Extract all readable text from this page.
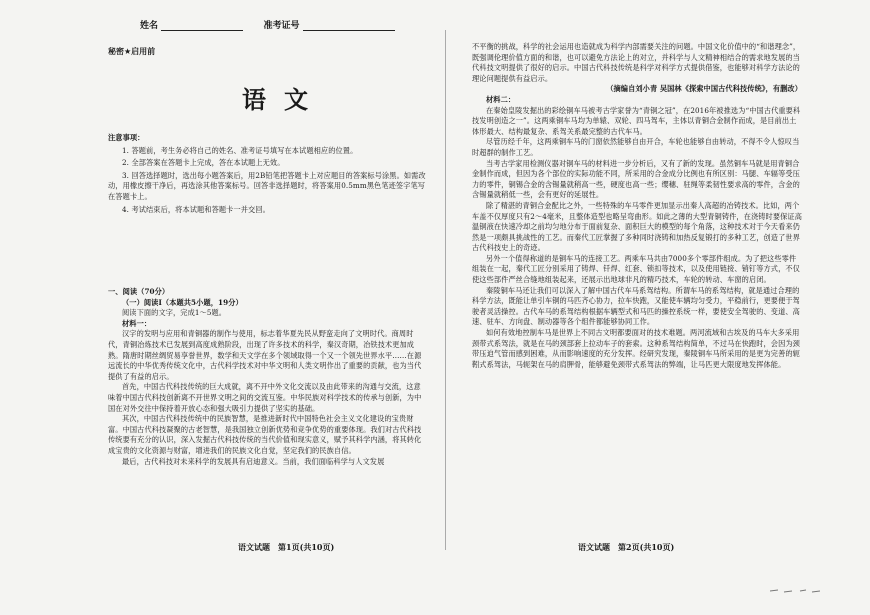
姓名	准考证号
秘密★启用前
语文

注意事项：

1. 答题前，考生务必将自己的姓名、准考证号填写在本试题相应的位置。

2. 全部答案在答题卡上完成，答在本试题上无效。

3. 回答选择题时，选出每小题答案后，用2B铅笔把答题卡上对应题目的答案标号涂黑。如需改动，用橡皮擦干净后，再选涂其他答案标号。回答非选择题时，将答案用0.5mm黑色笔迹签字笔写在答题卡上。

4. 考试结束后，将本试题和答题卡一并交回。

一、阅读（70分）

（一）阅读Ⅰ（本题共5小题，19分）

阅读下面的文字，完成1～5题。

材料一：

汉字的发明与应用和青铜器的制作与使用，标志着华夏先民从野蛮走向了文明时代。商周时代，青铜冶炼技术已发展到高度成熟阶段，出现了许多技术的科学，秦汉奇期，冶铁技术更加成熟。隋唐时期丝绸贸易享誉世界，数学和天文学在多个领域取得一个又一个领先世界水平……在源远流长的中华优秀传统文化中，古代科学技术对中华文明和人类文明作出了重要的贡献，也为当代提供了有益的启示。

首先，中国古代科技传统的巨大成就，离不开中外文化交流以及由此带来的沟通与交流，这意味着中国古代科技创新离不开世界文明之间的交流互鉴。中华民族对科学技术的传承与创新，为中国在对外交往中保持着开放心态和强大吸引力提供了坚实的基础。

其次，中国古代科技传统中的民族智慧，是推进新时代中国特色社会主义文化建设的宝贵财富。中国古代科技凝聚的古老智慧，是我国独立创新优势和竞争优势的重要体现。我们对古代科技传统要有充分的认识，深入发掘古代科技传统的当代价值和现实意义，赋予其科学内涵，将其转化成宝贵的文化资源与财富，增进我们的民族文化自觉，坚定我们的民族自信。

最后，古代科技对未来科学的发展具有启迪意义。当前，我们面临科学与人文发展

语文试题　第1页(共10页)

不平衡的挑战，科学的社会运用也造就成为科学内部需要关注的问题。中国文化价值中的“和谐理念”，既强调伦理价值方面的和谐，也可以避免方法论上的对立，并科学与人文精神相结合的需求地发展的当代科技文明提供了很好的启示。中国古代科技传统是科学对科学方式提供借鉴，也能够对科学方法论的理论问题提供有益启示。

（摘编自刘小青 吴国林《探索中国古代科技传统》，有删改）

材料二：

在秦始皇陵发掘出的彩绘铜车马被考古学家誉为“青铜之冠”，在2016年被推选为“中国古代重要科技发明创造之一”。这两乘铜车马均为单辕、双轮、四马驾车，主体以青铜合金制作而成，是目前出土体形最大、结构最复杂、系驾关系最完整的古代车马。

尽管历经千年，这两乘铜车马的门窗依然能够自由开合，车轮也能够自由转动，不得不令人惊叹当时超群的制作工艺。

当考古学家用检测仪器对铜车马的材料进一步分析后，又有了新的发现。虽然铜车马就是用青铜合金制作而成，但因为各个部位的实际功能不同，所采用的合金成分比例也有所区别：马腿、车辐等受压力的零件，铜锡合金的含锡量就稍高一些，硬度也高一些；缨穗、驻绳等柔韧性要求高的零件，含金的含锡量就稍低一些，会有更好的延展性。

除了精湛的青铜合金配比之外，一些特殊的车马零件更加显示出秦人高超的冶铸技术。比如，两个车盖不仅厚度只有2～4毫米，且整体造型也略呈弯曲形。如此之薄的大型青铜铸件，在浇铸时要保证高温铜液在快速冷却之前均匀地分布于面前复杂、面积巨大的模型的每个角落，这种技术对于今天看来仍然是一项颇具挑战性的工艺。而秦代工匠掌握了多种同时浇铸和加热反复锻打的多种工艺，创造了世界古代科技史上的奇迹。

另外一个值得称道的是铜车马的连接工艺。两乘车马共由7000多个零部件组成。为了把这些零件组装在一起，秦代工匠分别采用了铸焊、钎焊、红套、锁扣等技术，以及使用链接、销钉等方式，不仅使这些部件严丝合缝地组装起来，还展示出地球非凡的精巧技术，车轮的转动、车窗的启闭。

秦陵铜车马还让我们可以深入了解中国古代车马系驾结构。所谓车马的系驾结构，就是通过合理的科学方法，既能让单引车铜的马匹齐心协力，拉车快跑，又能使车辆均匀受力，平稳前行，更要便于驾驶者灵活操控。古代车马的系驾结构根据车辆型式和马匹的操控系统一样，要使安全驾驶的、变道、高速、驻车、方向盘、制动器等各个组件都能够协同工作。

如何有效地控制车马是世界上不同古文明都要面对的技术难题。两河流域和古埃及的马车大多采用颈带式系驾法，就是在马的颈部套上拉动车子的套索。这种系驾结构简单，不过马在快跑时，会因为颈带压迫气管而感到困难，从而影响速度的充分发挥。经研究发现，秦陵铜车马所采用的是更为完善的轭靷式系驾法，马轭架在马的肩胛骨，能够避免颈带式系驾法的弊端，让马匹更大限度地发挥体能。

语文试题　第2页(共10页)
